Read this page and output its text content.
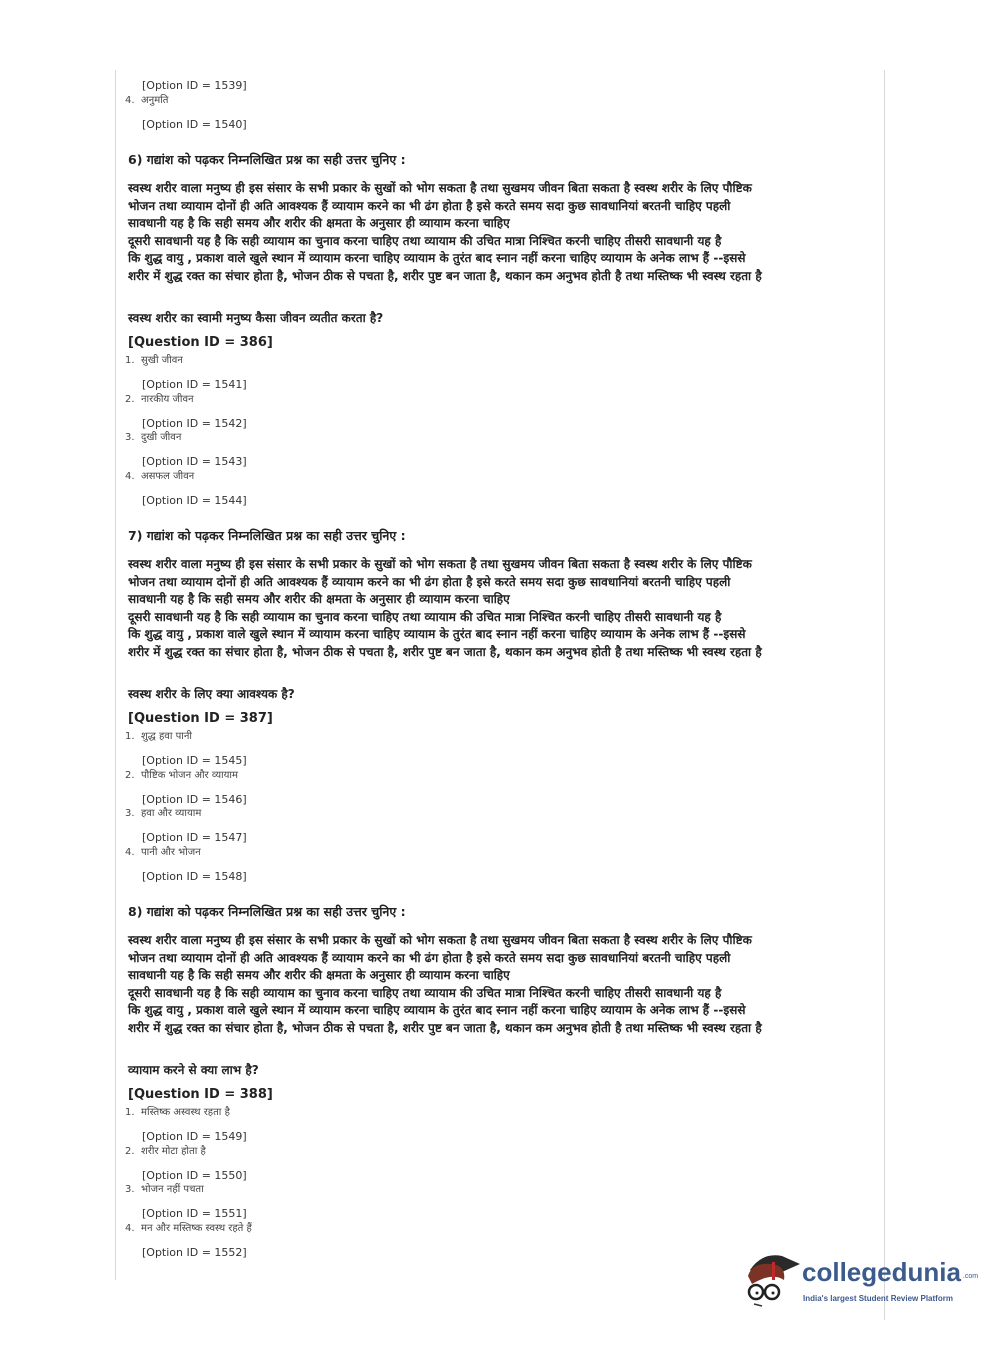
[Option ID = 1539]
4. अनुमति
[Option ID = 1540]
6) गद्यांश को पढ़कर निम्नलिखित प्रश्न का सही उत्तर चुनिए :
स्वस्थ शरीर वाला मनुष्य ही इस संसार के सभी प्रकार के सुखों को भोग सकता है तथा सुखमय जीवन बिता सकता है स्वस्थ शरीर के लिए पौष्टिक
भोजन तथा व्यायाम दोनों ही अति आवश्यक हैं व्यायाम करने का भी ढंग होता है इसे करते समय सदा कुछ सावधानियां बरतनी चाहिए पहली
सावधानी यह है कि सही समय और शरीर की क्षमता के अनुसार ही व्यायाम करना चाहिए
दूसरी सावधानी यह है कि सही व्यायाम का चुनाव करना चाहिए तथा व्यायाम की उचित मात्रा निश्चित करनी चाहिए तीसरी सावधानी यह है
कि शुद्ध वायु , प्रकाश वाले खुले स्थान में व्यायाम करना चाहिए व्यायाम के तुरंत बाद स्नान नहीं करना चाहिए व्यायाम के अनेक लाभ हैं --इससे
शरीर में शुद्ध रक्त का संचार होता है, भोजन ठीक से पचता है, शरीर पुष्ट बन जाता है, थकान कम अनुभव होती है तथा मस्तिष्क भी स्वस्थ रहता है
स्वस्थ शरीर का स्वामी मनुष्य कैसा जीवन व्यतीत करता है?
[Question ID = 386]
1. सुखी जीवन
[Option ID = 1541]
2. नारकीय जीवन
[Option ID = 1542]
3. दुखी जीवन
[Option ID = 1543]
4. असफल जीवन
[Option ID = 1544]
7) गद्यांश को पढ़कर निम्नलिखित प्रश्न का सही उत्तर चुनिए :
स्वस्थ शरीर वाला मनुष्य ही इस संसार के सभी प्रकार के सुखों को भोग सकता है तथा सुखमय जीवन बिता सकता है स्वस्थ शरीर के लिए पौष्टिक
भोजन तथा व्यायाम दोनों ही अति आवश्यक हैं व्यायाम करने का भी ढंग होता है इसे करते समय सदा कुछ सावधानियां बरतनी चाहिए पहली
सावधानी यह है कि सही समय और शरीर की क्षमता के अनुसार ही व्यायाम करना चाहिए
दूसरी सावधानी यह है कि सही व्यायाम का चुनाव करना चाहिए तथा व्यायाम की उचित मात्रा निश्चित करनी चाहिए तीसरी सावधानी यह है
कि शुद्ध वायु , प्रकाश वाले खुले स्थान में व्यायाम करना चाहिए व्यायाम के तुरंत बाद स्नान नहीं करना चाहिए व्यायाम के अनेक लाभ हैं --इससे
शरीर में शुद्ध रक्त का संचार होता है, भोजन ठीक से पचता है, शरीर पुष्ट बन जाता है, थकान कम अनुभव होती है तथा मस्तिष्क भी स्वस्थ रहता है
स्वस्थ शरीर के लिए क्या आवश्यक है?
[Question ID = 387]
1. शुद्ध हवा पानी
[Option ID = 1545]
2. पौष्टिक भोजन और व्यायाम
[Option ID = 1546]
3. हवा और व्यायाम
[Option ID = 1547]
4. पानी और भोजन
[Option ID = 1548]
8) गद्यांश को पढ़कर निम्नलिखित प्रश्न का सही उत्तर चुनिए :
स्वस्थ शरीर वाला मनुष्य ही इस संसार के सभी प्रकार के सुखों को भोग सकता है तथा सुखमय जीवन बिता सकता है स्वस्थ शरीर के लिए पौष्टिक
भोजन तथा व्यायाम दोनों ही अति आवश्यक हैं व्यायाम करने का भी ढंग होता है इसे करते समय सदा कुछ सावधानियां बरतनी चाहिए पहली
सावधानी यह है कि सही समय और शरीर की क्षमता के अनुसार ही व्यायाम करना चाहिए
दूसरी सावधानी यह है कि सही व्यायाम का चुनाव करना चाहिए तथा व्यायाम की उचित मात्रा निश्चित करनी चाहिए तीसरी सावधानी यह है
कि शुद्ध वायु , प्रकाश वाले खुले स्थान में व्यायाम करना चाहिए व्यायाम के तुरंत बाद स्नान नहीं करना चाहिए व्यायाम के अनेक लाभ हैं --इससे
शरीर में शुद्ध रक्त का संचार होता है, भोजन ठीक से पचता है, शरीर पुष्ट बन जाता है, थकान कम अनुभव होती है तथा मस्तिष्क भी स्वस्थ रहता है
व्यायाम करने से क्या लाभ है?
[Question ID = 388]
1. मस्तिष्क अस्वस्थ रहता है
[Option ID = 1549]
2. शरीर मोटा होता है
[Option ID = 1550]
3. भोजन नहीं पचता
[Option ID = 1551]
4. मन और मस्तिष्क स्वस्थ रहते हैं
[Option ID = 1552]
collegedunia .com
India's largest Student Review Platform
